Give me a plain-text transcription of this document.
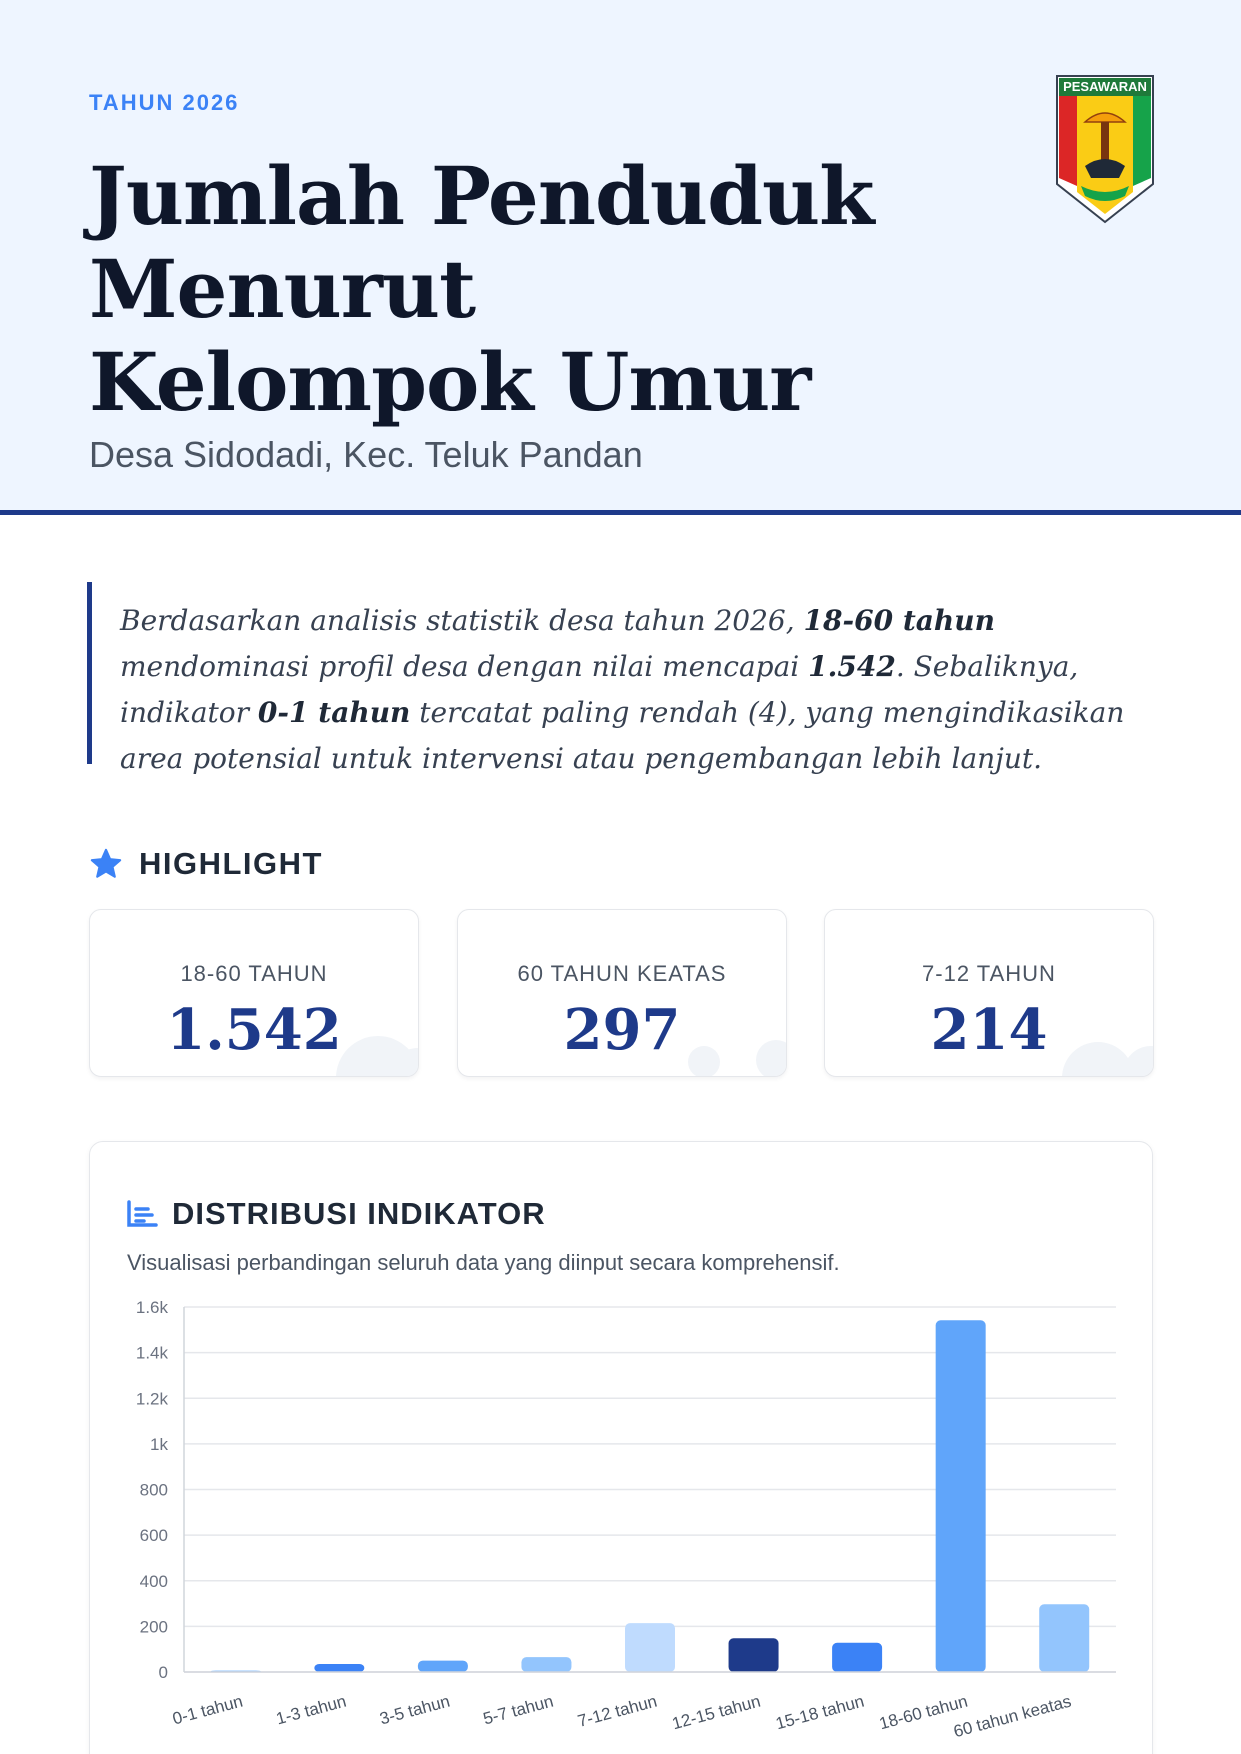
TAHUN 2026
Jumlah Penduduk Menurut Kelompok Umur
Desa Sidodadi, Kec. Teluk Pandan
PESAWARAN

Berdasarkan analisis statistik desa tahun 2026, 18-60 tahun mendominasi profil desa dengan nilai mencapai 1.542. Sebaliknya, indikator 0-1 tahun tercatat paling rendah (4), yang mengindikasikan area potensial untuk intervensi atau pengembangan lebih lanjut.

HIGHLIGHT
18-60 TAHUN
1.542
60 TAHUN KEATAS
297
7-12 TAHUN
214
DISTRIBUSI INDIKATOR
Visualisasi perbandingan seluruh data yang diinput secara komprehensif.
0
200
400
600
800
1k
1.2k
1.4k
1.6k
0-1 tahun 1-3 tahun 3-5 tahun 5-7 tahun 7-12 tahun 12-15 tahun 15-18 tahun 18-60 tahun
60 tahun keatas
